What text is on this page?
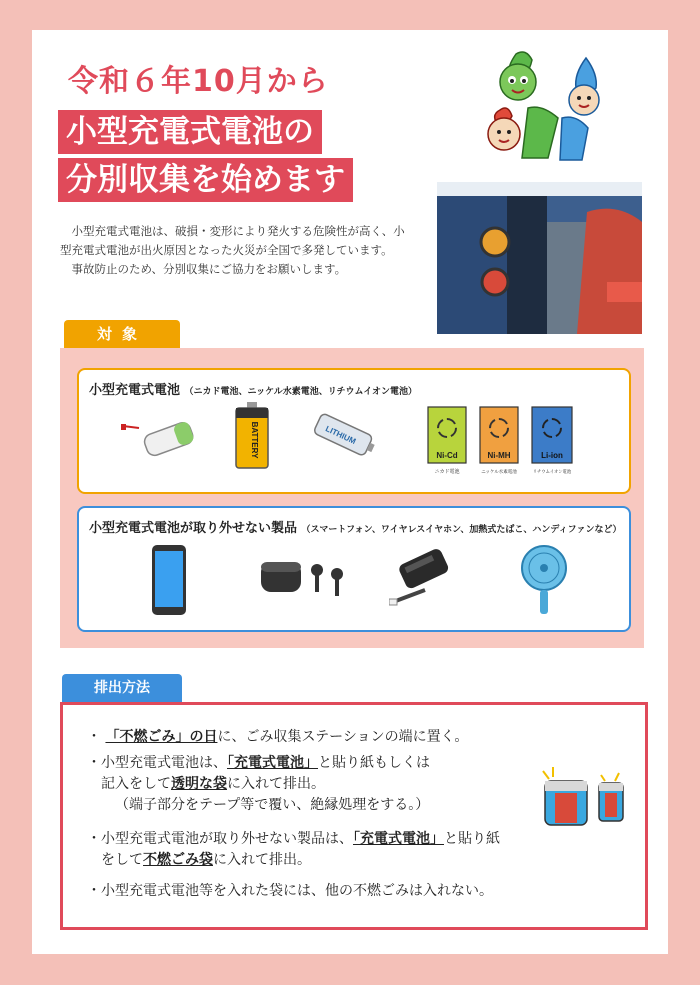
令和６年10月から
小型充電式電池の
分別収集を始めます
　小型充電式電池は、破損・変形により発火する危険性が高く、小型充電式電池が出火原因となった火災が全国で多発しています。
　事故防止のため、分別収集にご協力をお願いします。
対象
小型充電式電池 （ニカド電池、ニッケル水素電池、リチウムイオン電池）
BATTERY	LITHIUM
Ni-Cd
ニカド電池
Ni-MH
ニッケル水素電池
Li-ion
リチウムイオン電池
小型充電式電池が取り外せない製品 （スマートフォン、ワイヤレスイヤホン、加熱式たばこ、ハンディファンなど）
排出方法
・ 「不燃ごみ」の日に、ごみ収集ステーションの端に置く。
・小型充電式電池は、「充電式電池」と貼り紙もしくは
記入をして透明な袋に入れて排出。
（端子部分をテープ等で覆い、絶縁処理をする。）
・小型充電式電池が取り外せない製品は、「充電式電池」と貼り紙
をして不燃ごみ袋に入れて排出。
・小型充電式電池等を入れた袋には、他の不燃ごみは入れない。
